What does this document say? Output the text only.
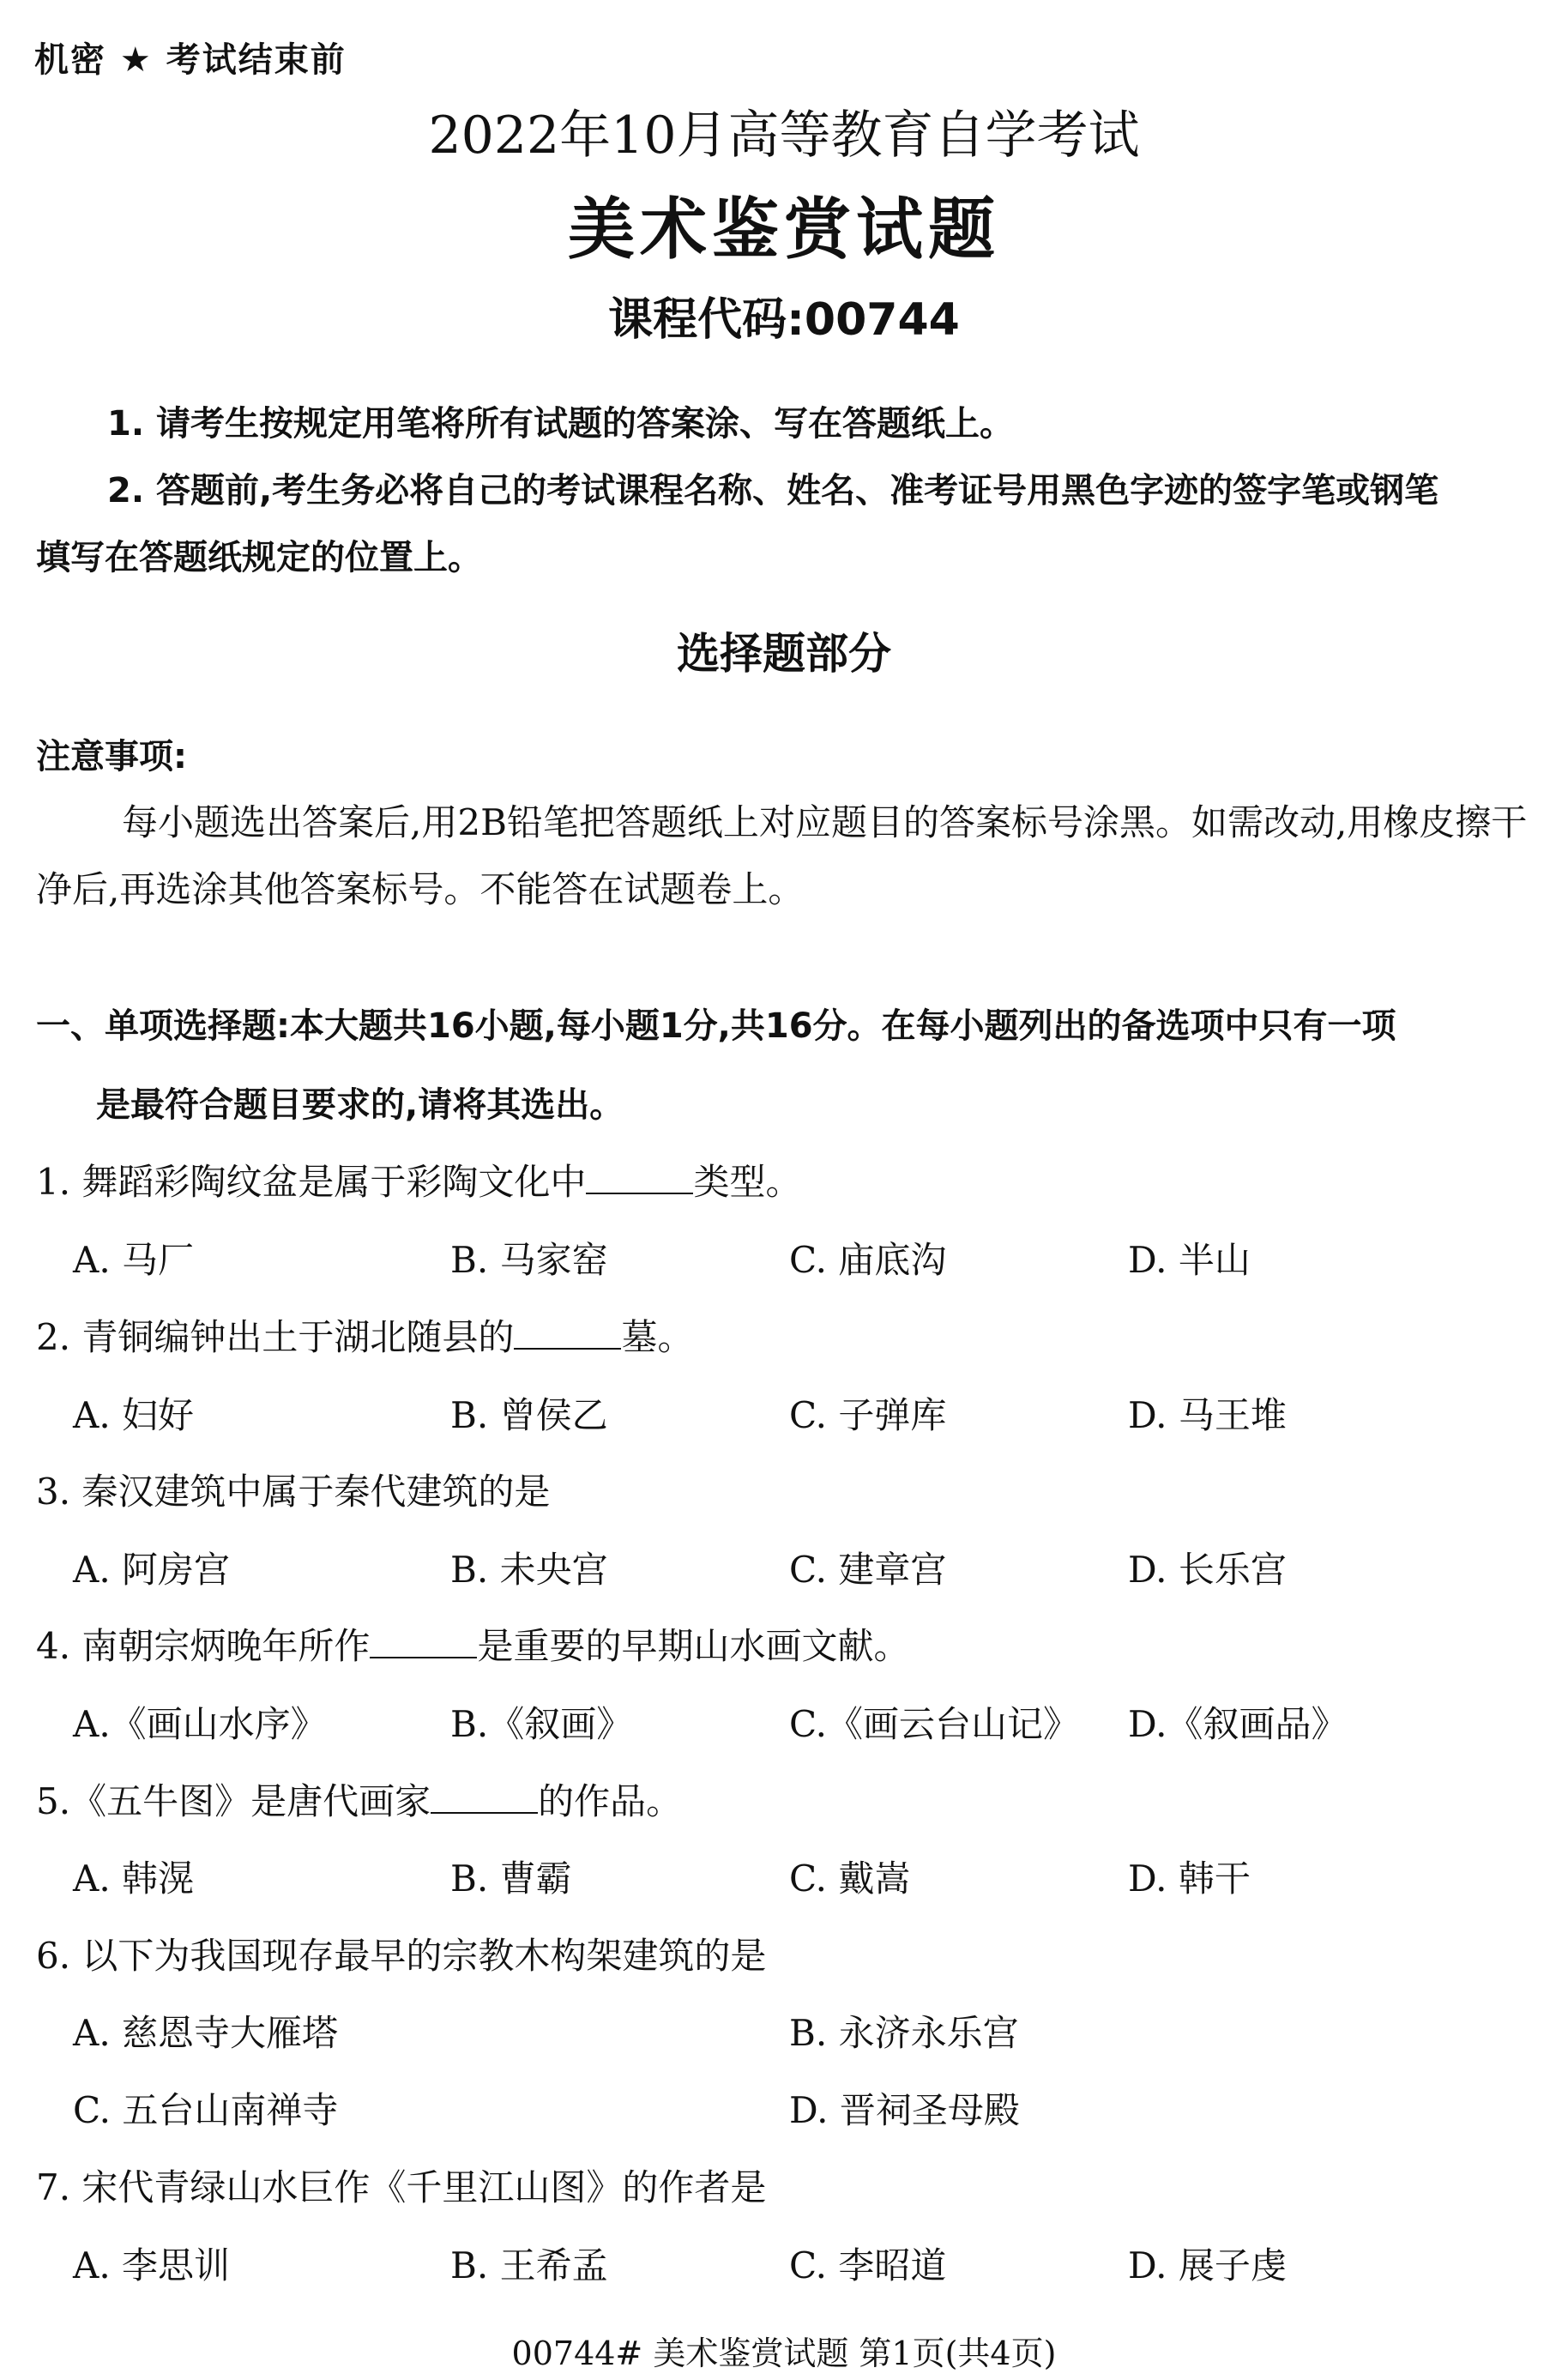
机密 ★ 考试结束前
2022年10月高等教育自学考试
美术鉴赏试题
课程代码:00744
1. 请考生按规定用笔将所有试题的答案涂、写在答题纸上。
2. 答题前,考生务必将自己的考试课程名称、姓名、准考证号用黑色字迹的签字笔或钢笔
填写在答题纸规定的位置上。
选择题部分
注意事项:
每小题选出答案后,用2B铅笔把答题纸上对应题目的答案标号涂黑。如需改动,用橡皮擦干净后,再选涂其他答案标号。不能答在试题卷上。
一、单项选择题:本大题共16小题,每小题1分,共16分。在每小题列出的备选项中只有一项
是最符合题目要求的,请将其选出。
1. 舞蹈彩陶纹盆是属于彩陶文化中	类型。
A. 马厂	B. 马家窑	C. 庙底沟	D. 半山
2. 青铜编钟出土于湖北随县的	墓。
A. 妇好	B. 曾侯乙	C. 子弹库	D. 马王堆
3. 秦汉建筑中属于秦代建筑的是
A. 阿房宫	B. 未央宫	C. 建章宫	D. 长乐宫
4. 南朝宗炳晚年所作	是重要的早期山水画文献。
A.《画山水序》	B.《叙画》	C.《画云台山记》 D.《叙画品》
5.《五牛图》是唐代画家	的作品。
A. 韩滉	B. 曹霸	C. 戴嵩	D. 韩干
6. 以下为我国现存最早的宗教木构架建筑的是
A. 慈恩寺大雁塔	B. 永济永乐宫
C. 五台山南禅寺	D. 晋祠圣母殿
7. 宋代青绿山水巨作《千里江山图》的作者是
A. 李思训	B. 王希孟	C. 李昭道	D. 展子虔
00744# 美术鉴赏试题 第1页(共4页)
